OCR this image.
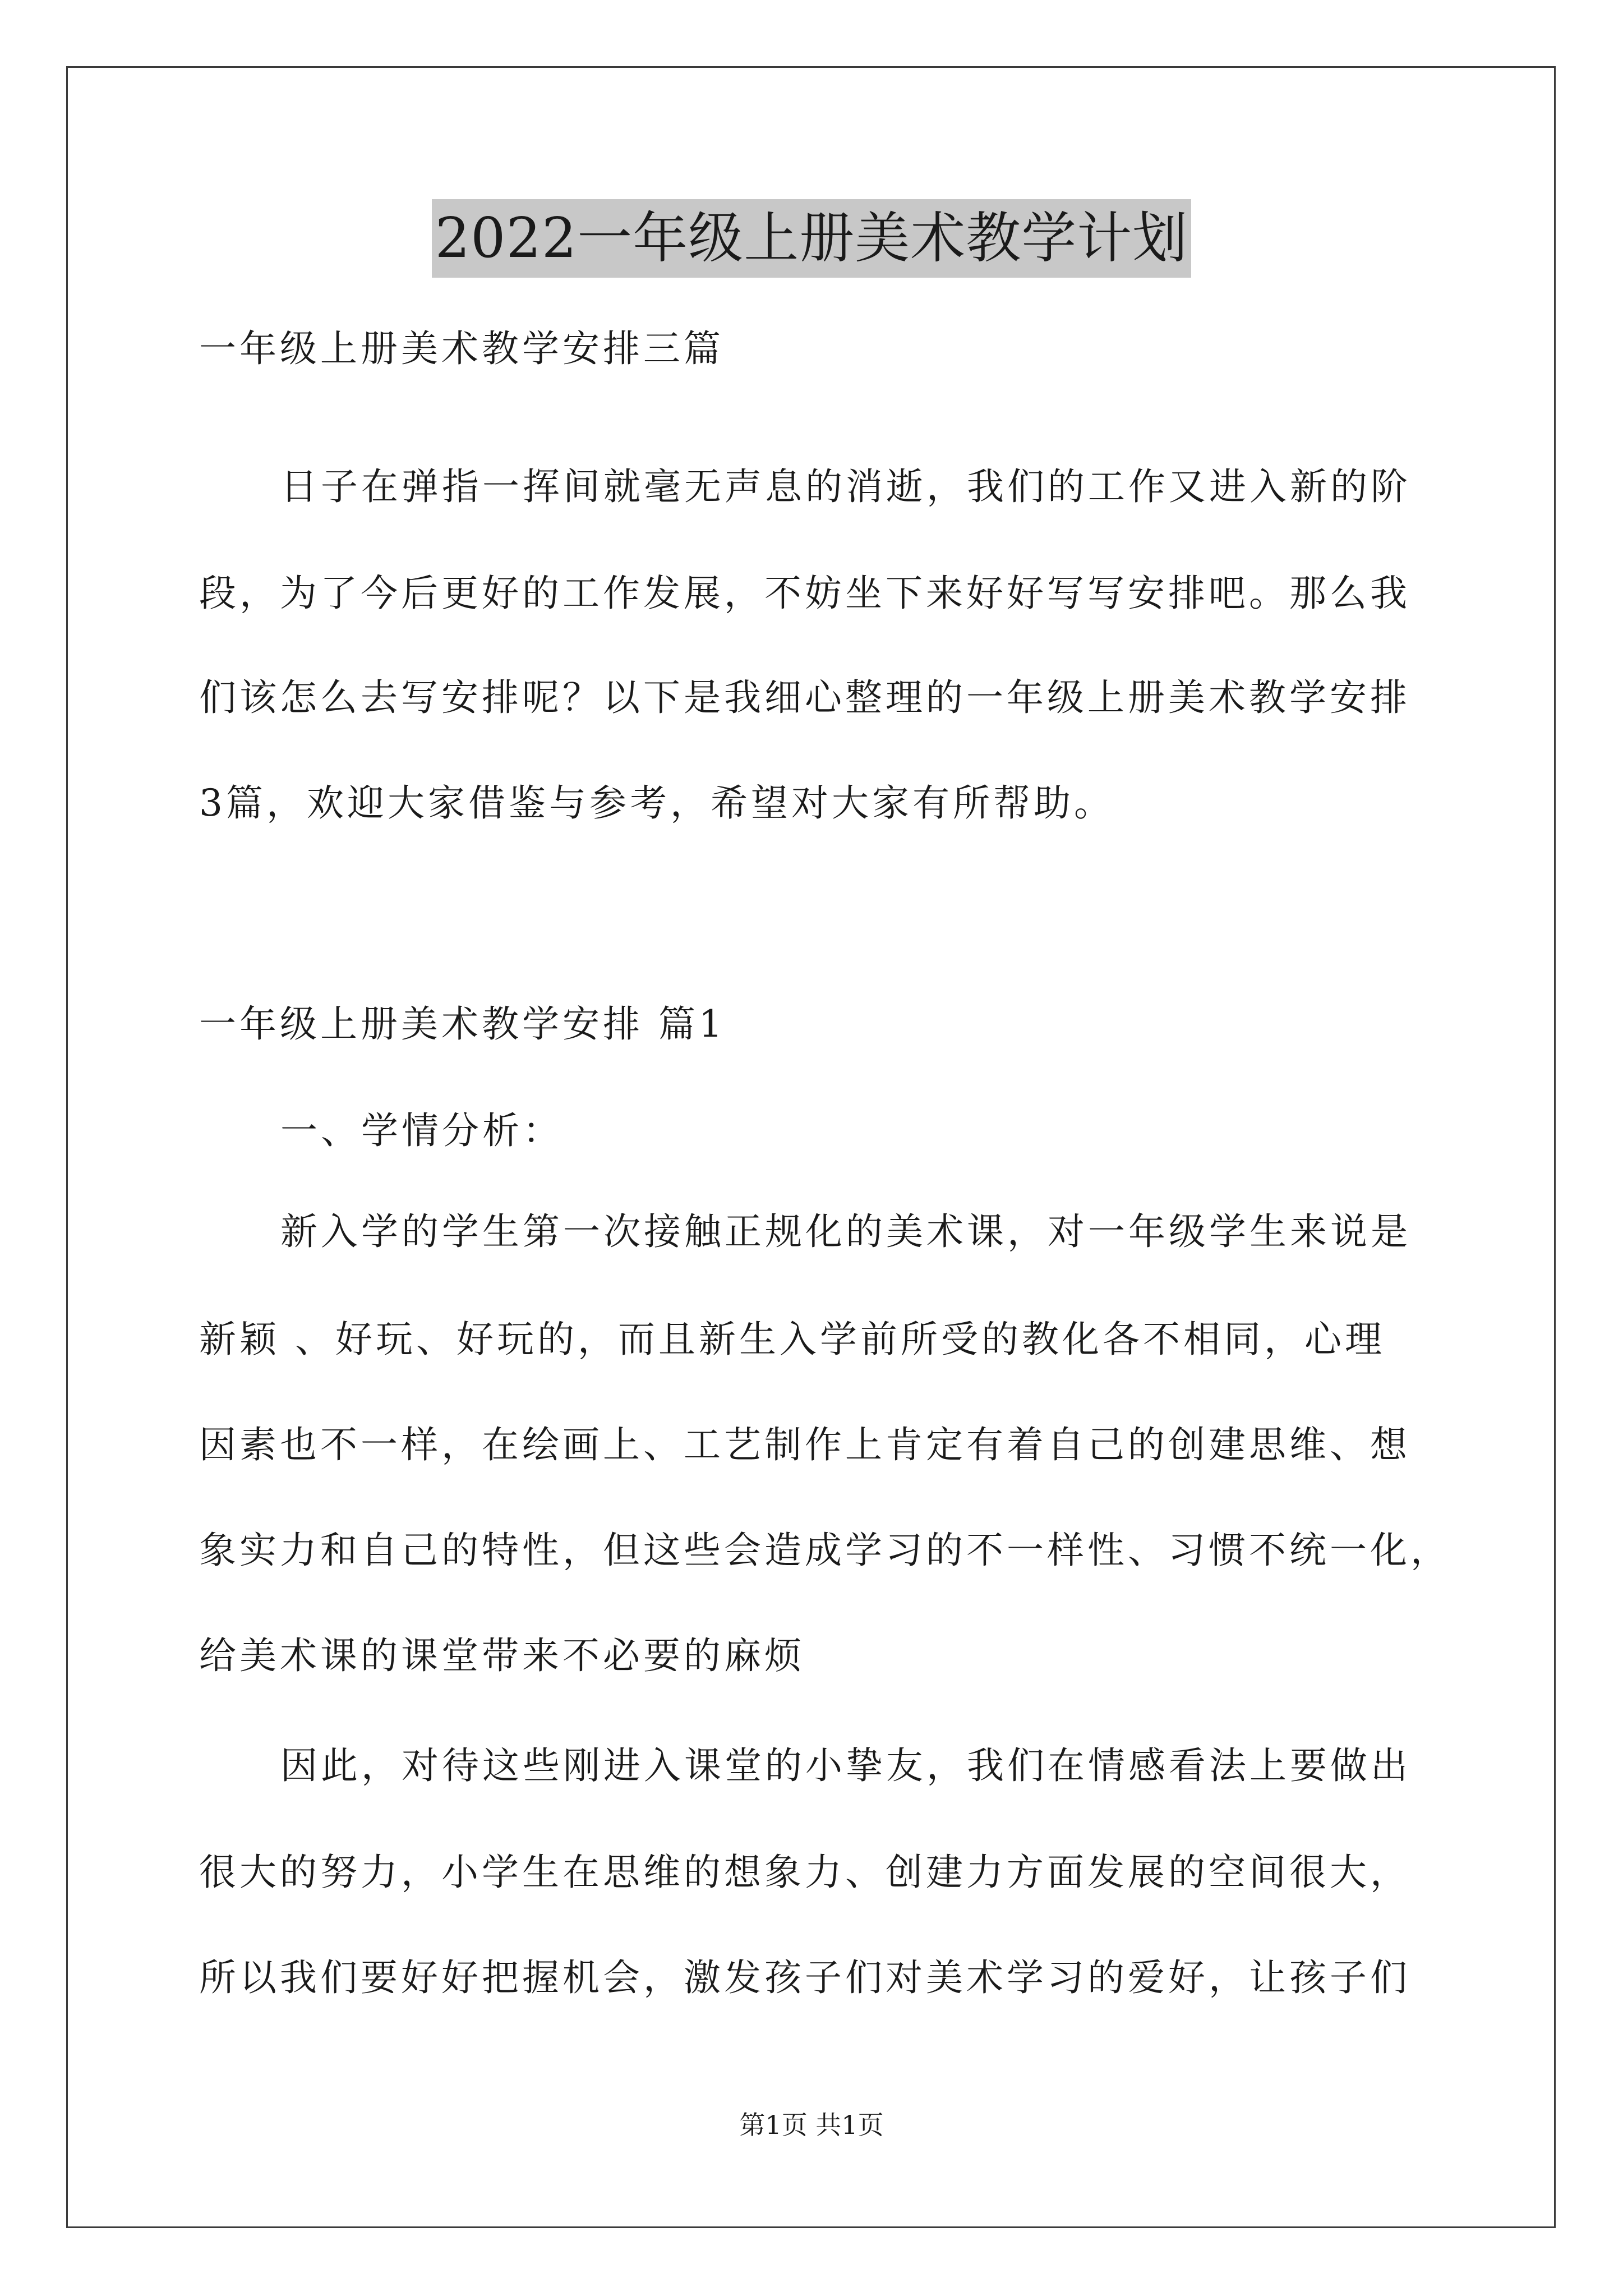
2022一年级上册美术教学计划
一年级上册美术教学安排三篇
日子在弹指一挥间就毫无声息的消逝，我们的工作又进入新的阶
段，为了今后更好的工作发展，不妨坐下来好好写写安排吧。那么我
们该怎么去写安排呢？以下是我细心整理的一年级上册美术教学安排
3篇，欢迎大家借鉴与参考，希望对大家有所帮助。
一年级上册美术教学安排 篇1
一、学情分析：
新入学的学生第一次接触正规化的美术课，对一年级学生来说是
新颖 、好玩、好玩的，而且新生入学前所受的教化各不相同，心理
因素也不一样，在绘画上、工艺制作上肯定有着自己的创建思维、想
象实力和自己的特性，但这些会造成学习的不一样性、习惯不统一化，
给美术课的课堂带来不必要的麻烦
因此，对待这些刚进入课堂的小挚友，我们在情感看法上要做出
很大的努力，小学生在思维的想象力、创建力方面发展的空间很大，
所以我们要好好把握机会，激发孩子们对美术学习的爱好，让孩子们
第1页 共1页
